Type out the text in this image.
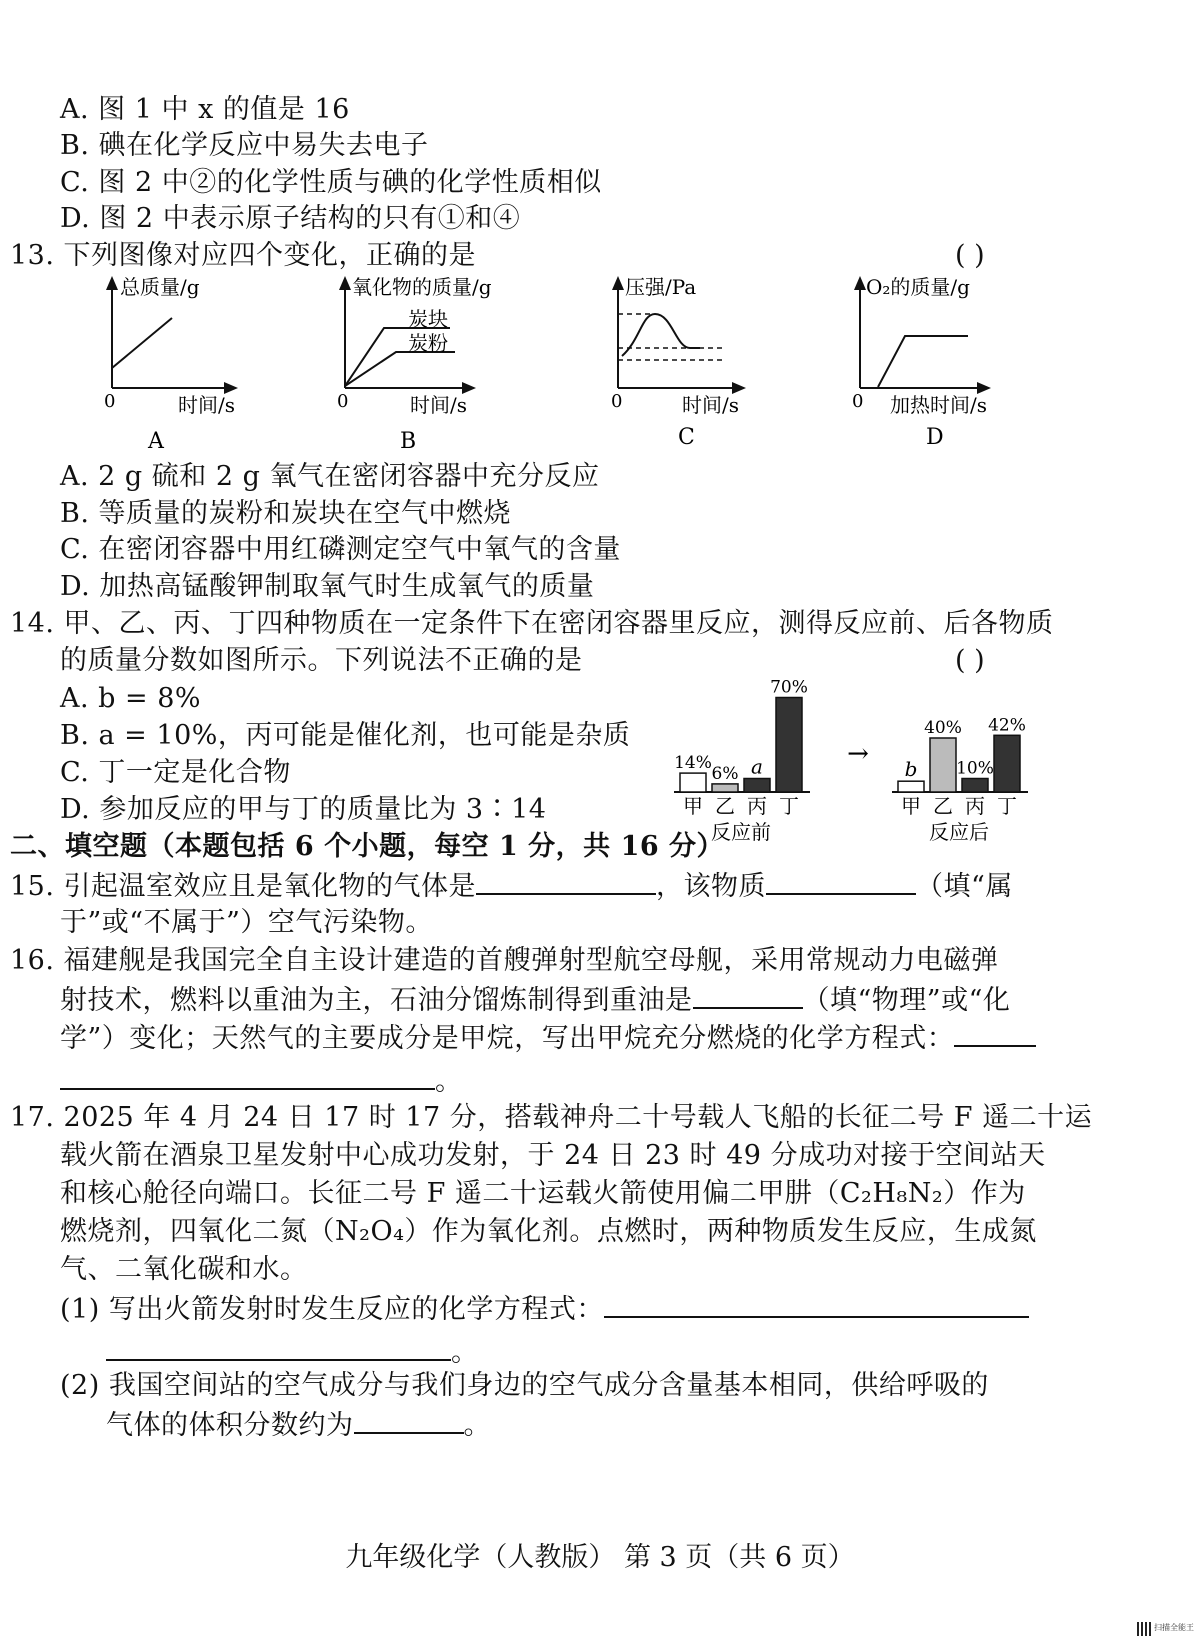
A. 图 1 中 x 的值是 16
B. 碘在化学反应中易失去电子
C. 图 2 中②的化学性质与碘的化学性质相似
D. 图 2 中表示原子结构的只有①和④
13. 下列图像对应四个变化，正确的是	( )
总质量/g
0	时间/s
A
氧化物的质量/g
炭块
炭粉
0	时间/s
B
压强/Pa
0	时间/s
C
O₂的质量/g
0 加热时间/s
D
A. 2 g 硫和 2 g 氧气在密闭容器中充分反应
B. 等质量的炭粉和炭块在空气中燃烧
C. 在密闭容器中用红磷测定空气中氧气的含量
D. 加热高锰酸钾制取氧气时生成氧气的质量
14. 甲、乙、丙、丁四种物质在一定条件下在密闭容器里反应，测得反应前、后各物质
的质量分数如图所示。下列说法不正确的是	( )
A. b = 8%
B. a = 10%，丙可能是催化剂，也可能是杂质
C. 丁一定是化合物
D. 参加反应的甲与丁的质量比为 3∶14
14%
甲
6%
乙
a
丙
70%
丁
反应前
b
甲
40%
乙
10%
丙
42%
丁
反应后
→
二、填空题（本题包括 6 个小题，每空 1 分，共 16 分）
15. 引起温室效应且是氧化物的气体是	，该物质	（填“属
于”或“不属于”）空气污染物。
16. 福建舰是我国完全自主设计建造的首艘弹射型航空母舰，采用常规动力电磁弹
射技术，燃料以重油为主，石油分馏炼制得到重油是	（填“物理”或“化
学”）变化；天然气的主要成分是甲烷，写出甲烷充分燃烧的化学方程式：
。
17. 2025 年 4 月 24 日 17 时 17 分，搭载神舟二十号载人飞船的长征二号 F 遥二十运
载火箭在酒泉卫星发射中心成功发射，于 24 日 23 时 49 分成功对接于空间站天
和核心舱径向端口。长征二号 F 遥二十运载火箭使用偏二甲肼（C₂H₈N₂）作为
燃烧剂，四氧化二氮（N₂O₄）作为氧化剂。点燃时，两种物质发生反应，生成氮
气、二氧化碳和水。
(1) 写出火箭发射时发生反应的化学方程式：
。
(2) 我国空间站的空气成分与我们身边的空气成分含量基本相同，供给呼吸的
气体的体积分数约为	。
九年级化学（人教版） 第 3 页（共 6 页）
扫描全能王
